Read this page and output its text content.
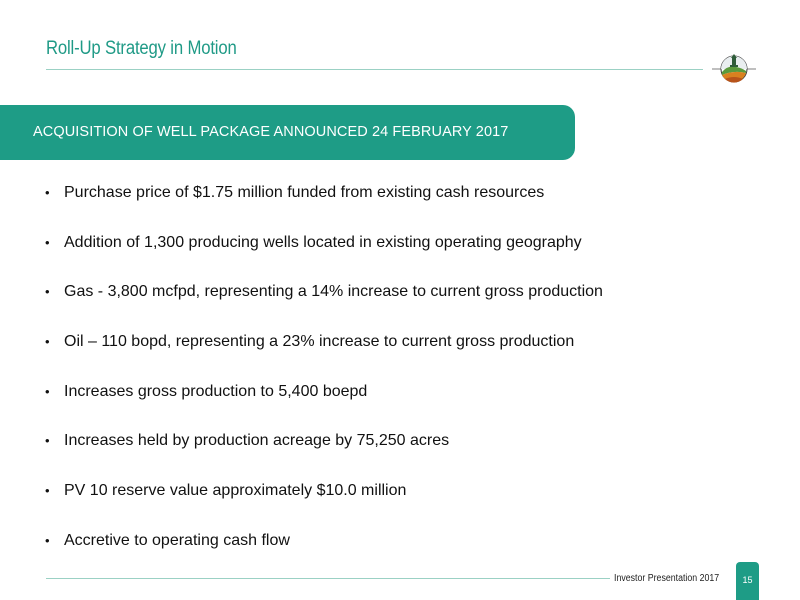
Roll-Up Strategy in Motion
ACQUISITION OF WELL PACKAGE ANNOUNCED 24 FEBRUARY 2017
• Purchase price of $1.75 million funded from existing cash resources
• Addition of 1,300 producing wells located in existing operating geography
• Gas - 3,800 mcfpd, representing a 14% increase to current gross production
• Oil – 110 bopd, representing a 23% increase to current gross production
• Increases gross production to 5,400 boepd
• Increases held by production acreage by 75,250 acres
• PV 10 reserve value approximately $10.0 million
• Accretive to operating cash flow
Investor Presentation 2017	15
